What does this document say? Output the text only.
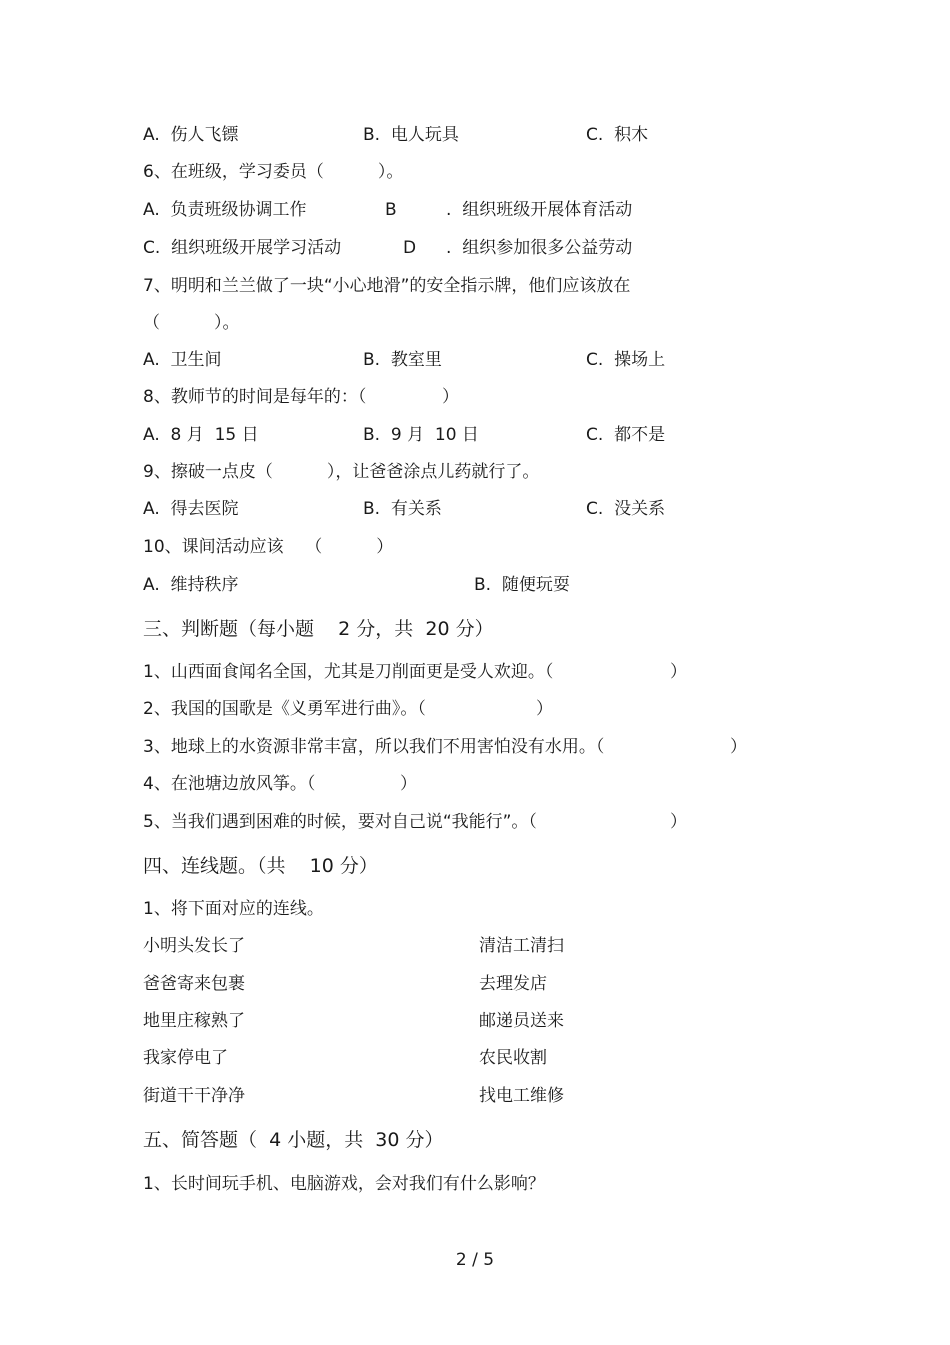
A.  伤人飞镖	B.  电人玩具	C.  积木
6、在班级，学习委员（          ）。
A.  负责班级协调工作	B	.  组织班级开展体育活动
C.  组织班级开展学习活动	D .  组织参加很多公益劳动
7、明明和兰兰做了一块“小心地滑”的安全指示牌，他们应该放在
（          ）。
A.  卫生间	B.  教室里	C.  操场上
8、教师节的时间是每年的：（              ）
A.  8 月  15 日	B.  9 月  10 日	C.  都不是
9、擦破一点皮（          ），让爸爸涂点儿药就行了。
A.  得去医院	B.  有关系	C.  没关系
10、课间活动应该    （          ）
A.  维持秩序	B.  随便玩耍
三、判断题（每小题    2 分，共  20 分）
1、山西面食闻名全国，尤其是刀削面更是受人欢迎。（	）
2、我国的国歌是《义勇军进行曲》。（	）
3、地球上的水资源非常丰富，所以我们不用害怕没有水用。（	）
4、在池塘边放风筝。（	）
5、当我们遇到困难的时候，要对自己说“我能行”。（	）
四、连线题。（共    10 分）
1、将下面对应的连线。
小明头发长了	清洁工清扫
爸爸寄来包裹	去理发店
地里庄稼熟了	邮递员送来
我家停电了	农民收割
街道干干净净	找电工维修
五、简答题（  4 小题，共  30 分）
1、长时间玩手机、电脑游戏，会对我们有什么影响？
2 / 5
